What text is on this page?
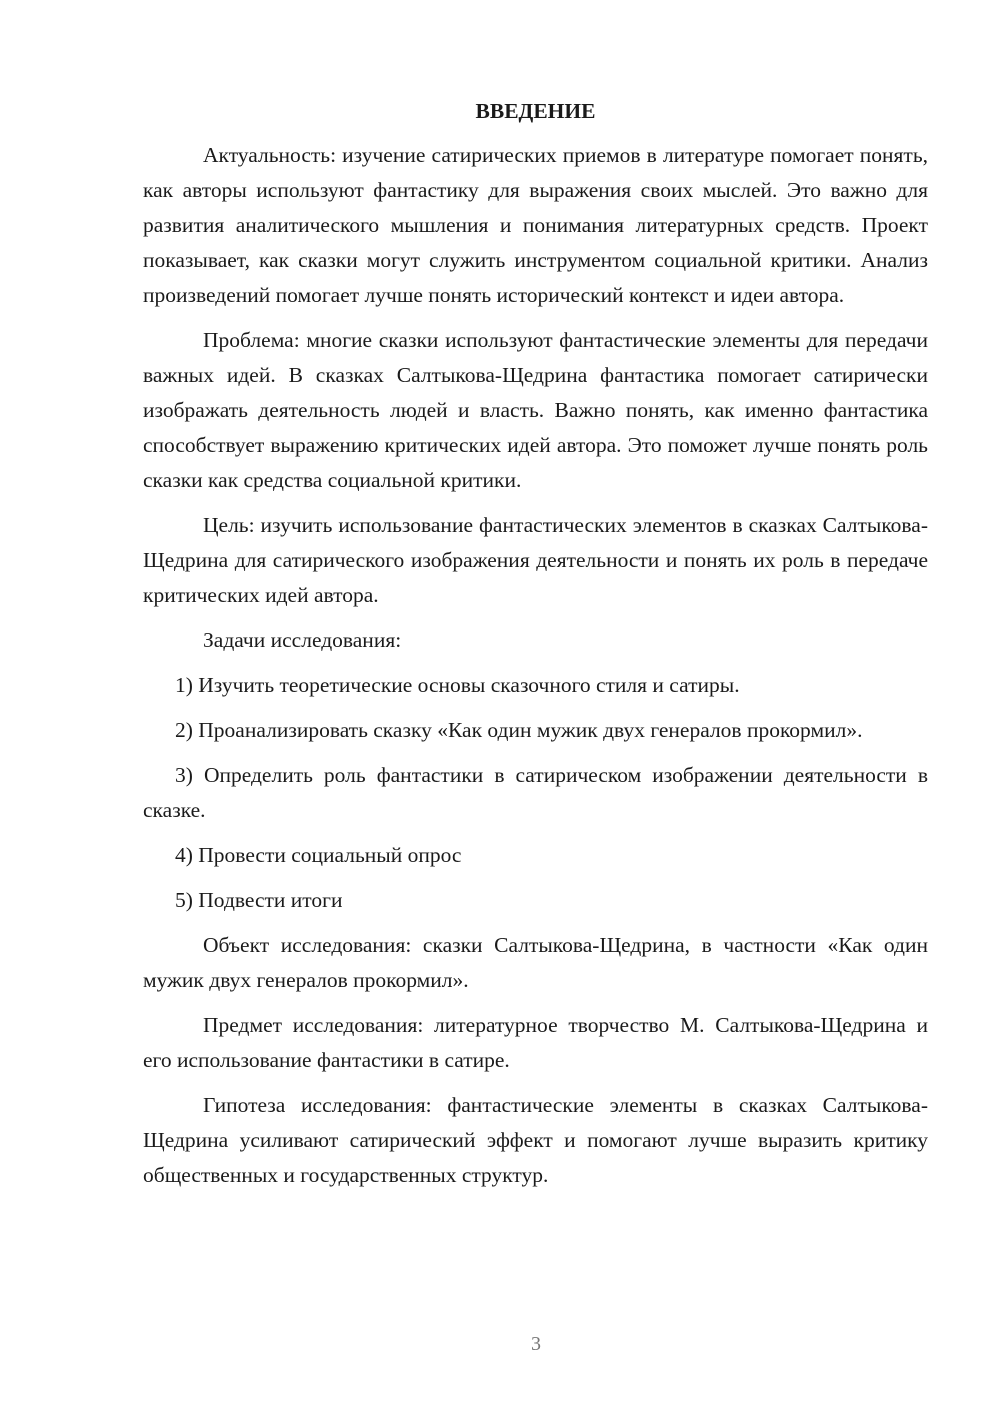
ВВЕДЕНИЕ

Актуальность: изучение сатирических приемов в литературе помогает понять, как авторы используют фантастику для выражения своих мыслей. Это важно для развития аналитического мышления и понимания литературных средств. Проект показывает, как сказки могут служить инструментом социальной критики. Анализ произведений помогает лучше понять исторический контекст и идеи автора.

Проблема: многие сказки используют фантастические элементы для передачи важных идей. В сказках Салтыкова-Щедрина фантастика помогает сатирически изображать деятельность людей и власть. Важно понять, как именно фантастика способствует выражению критических идей автора. Это поможет лучше понять роль сказки как средства социальной критики.

Цель: изучить использование фантастических элементов в сказках Салтыкова-Щедрина для сатирического изображения деятельности и понять их роль в передаче критических идей автора.

Задачи исследования:

1) Изучить теоретические основы сказочного стиля и сатиры.

2) Проанализировать сказку «Как один мужик двух генералов прокормил».

3) Определить роль фантастики в сатирическом изображении деятельности в сказке.

4) Провести социальный опрос

5) Подвести итоги

Объект исследования: сказки Салтыкова-Щедрина, в частности «Как один мужик двух генералов прокормил».

Предмет исследования: литературное творчество М. Салтыкова-Щедрина и его использование фантастики в сатире.

Гипотеза исследования: фантастические элементы в сказках Салтыкова-Щедрина усиливают сатирический эффект и помогают лучше выразить критику общественных и государственных структур.

3
